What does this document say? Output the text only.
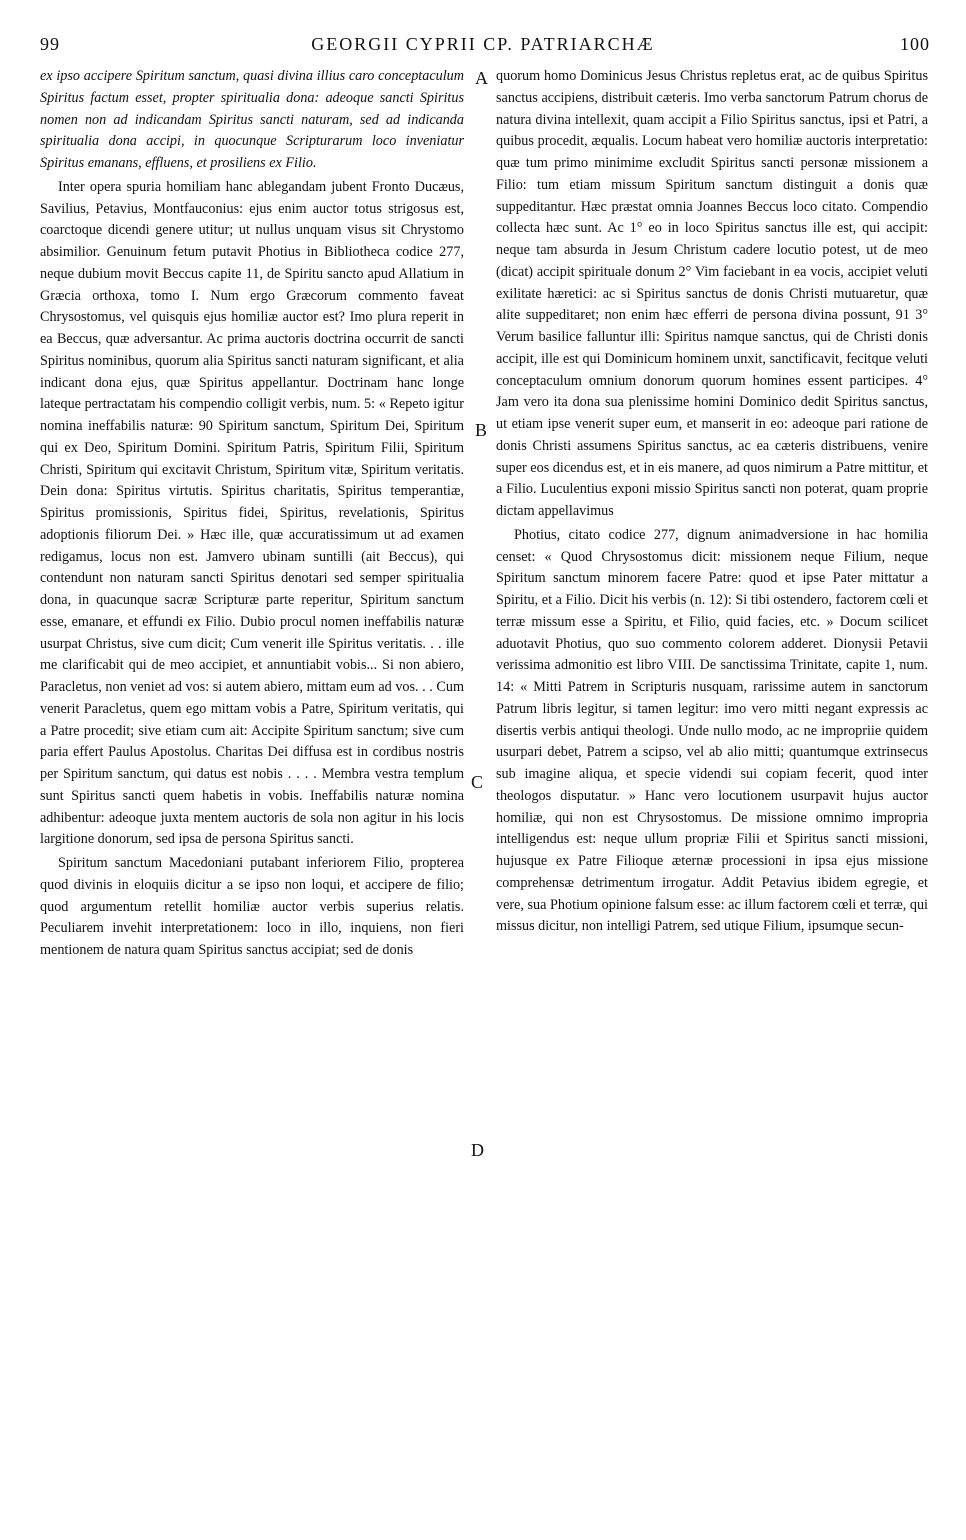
99	GEORGII CYPRII CP. PATRIARCHÆ	100
A
B
C
D

ex ipso accipere Spiritum sanctum, quasi divina illius caro conceptaculum Spiritus factum esset, propter spiritualia dona: adeoque sancti Spiritus nomen non ad indicandam Spiritus sancti naturam, sed ad indicanda spiritualia dona accipi, in quocunque Scripturarum loco inveniatur Spiritus emanans, effluens, et prosiliens ex Filio.

Inter opera spuria homiliam hanc ablegandam jubent Fronto Ducæus, Savilius, Petavius, Montfauconius: ejus enim auctor totus strigosus est, coarctoque dicendi genere utitur; ut nullus unquam visus sit Chrystomo absimilior. Genuinum fetum putavit Photius in Bibliotheca codice 277, neque dubium movit Beccus capite 11, de Spiritu sancto apud Allatium in Græcia orthoxa, tomo I. Num ergo Græcorum commento faveat Chrysostomus, vel quisquis ejus homiliæ auctor est? Imo plura reperit in ea Beccus, quæ adversantur. Ac prima auctoris doctrina occurrit de sancti Spiritus nominibus, quorum alia Spiritus sancti naturam significant, et alia indicant dona ejus, quæ Spiritus appellantur. Doctrinam hanc longe lateque pertractatam his compendio colligit verbis, num. 5: « Repeto igitur nomina ineffabilis naturæ: 90 Spiritum sanctum, Spiritum Dei, Spiritum qui ex Deo, Spiritum Domini. Spiritum Patris, Spiritum Filii, Spiritum Christi, Spiritum qui excitavit Christum, Spiritum vitæ, Spiritum veritatis. Dein dona: Spiritus virtutis. Spiritus charitatis, Spiritus temperantiæ, Spiritus promissionis, Spiritus fidei, Spiritus, revelationis, Spiritus adoptionis filiorum Dei. » Hæc ille, quæ accuratissimum ut ad examen redigamus, locus non est. Jamvero ubinam suntilli (ait Beccus), qui contendunt non naturam sancti Spiritus denotari sed semper spiritualia dona, in quacunque sacræ Scripturæ parte reperitur, Spiritum sanctum esse, emanare, et effundi ex Filio. Dubio procul nomen ineffabilis naturæ usurpat Christus, sive cum dicit; Cum venerit ille Spiritus veritatis. . . ille me clarificabit qui de meo accipiet, et annuntiabit vobis... Si non abiero, Paracletus, non veniet ad vos: si autem abiero, mittam eum ad vos. . . Cum venerit Paracletus, quem ego mittam vobis a Patre, Spiritum veritatis, qui a Patre procedit; sive etiam cum ait: Accipite Spiritum sanctum; sive cum paria effert Paulus Apostolus. Charitas Dei diffusa est in cordibus nostris per Spiritum sanctum, qui datus est nobis . . . . Membra vestra templum sunt Spiritus sancti quem habetis in vobis. Ineffabilis naturæ nomina adhibentur: adeoque juxta mentem auctoris de sola non agitur in his locis largitione donorum, sed ipsa de persona Spiritus sancti.

Spiritum sanctum Macedoniani putabant inferiorem Filio, propterea quod divinis in eloquiis dicitur a se ipso non loqui, et accipere de filio; quod argumentum retellit homiliæ auctor verbis superius relatis. Peculiarem invehit interpretationem: loco in illo, inquiens, non fieri mentionem de natura quam Spiritus sanctus accipiat; sed de donis

quorum homo Dominicus Jesus Christus repletus erat, ac de quibus Spiritus sanctus accipiens, distribuit cæteris. Imo verba sanctorum Patrum chorus de natura divina intellexit, quam accipit a Filio Spiritus sanctus, ipsi et Patri, a quibus procedit, æqualis. Locum habeat vero homiliæ auctoris interpretatio: quæ tum primo minimime excludit Spiritus sancti personæ missionem a Filio: tum etiam missum Spiritum sanctum distinguit a donis quæ suppeditantur. Hæc præstat omnia Joannes Beccus loco citato. Compendio collecta hæc sunt. Ac 1° eo in loco Spiritus sanctus ille est, qui accipit: neque tam absurda in Jesum Christum cadere locutio potest, ut de meo (dicat) accipit spirituale donum 2° Vim faciebant in ea vocis, accipiet veluti exilitate hæretici: ac si Spiritus sanctus de donis Christi mutuaretur, quæ alite suppeditaret; non enim hæc efferri de persona divina possunt, 91 3° Verum basilice falluntur illi: Spiritus namque sanctus, qui de Christi donis accipit, ille est qui Dominicum hominem unxit, sanctificavit, fecitque veluti conceptaculum omnium donorum quorum homines essent participes. 4° Jam vero ita dona sua plenissime homini Dominico dedit Spiritus sanctus, ut etiam ipse venerit super eum, et manserit in eo: adeoque pari ratione de donis Christi assumens Spiritus sanctus, ac ea cæteris distribuens, venire super eos dicendus est, et in eis manere, ad quos nimirum a Patre mittitur, et a Filio. Luculentius exponi missio Spiritus sancti non poterat, quam proprie dictam appellavimus

Photius, citato codice 277, dignum animadversione in hac homilia censet: « Quod Chrysostomus dicit: missionem neque Filium, neque Spiritum sanctum minorem facere Patre: quod et ipse Pater mittatur a Spiritu, et a Filio. Dicit his verbis (n. 12): Si tibi ostendero, factorem cœli et terræ missum esse a Spiritu, et Filio, quid facies, etc. » Docum scilicet aduotavit Photius, quo suo commento colorem adderet. Dionysii Petavii verissima admonitio est libro VIII. De sanctissima Trinitate, capite 1, num. 14: « Mitti Patrem in Scripturis nusquam, rarissime autem in sanctorum Patrum libris legitur, si tamen legitur: imo vero mitti negant expressis ac disertis verbis antiqui theologi. Unde nullo modo, ac ne impropriie quidem usurpari debet, Patrem a scipso, vel ab alio mitti; quantumque extrinsecus sub imagine aliqua, et specie videndi sui copiam fecerit, quod inter theologos disputatur. » Hanc vero locutionem usurpavit hujus auctor homiliæ, qui non est Chrysostomus. De missione omnimo impropria intelligendus est: neque ullum propriæ Filii et Spiritus sancti missioni, hujusque ex Patre Filioque æternæ processioni in ipsa ejus missione comprehensæ detrimentum irrogatur. Addit Petavius ibidem egregie, et vere, sua Photium opinione falsum esse: ac illum factorem cœli et terræ, qui missus dicitur, non intelligi Patrem, sed utique Filium, ipsumque secun-
